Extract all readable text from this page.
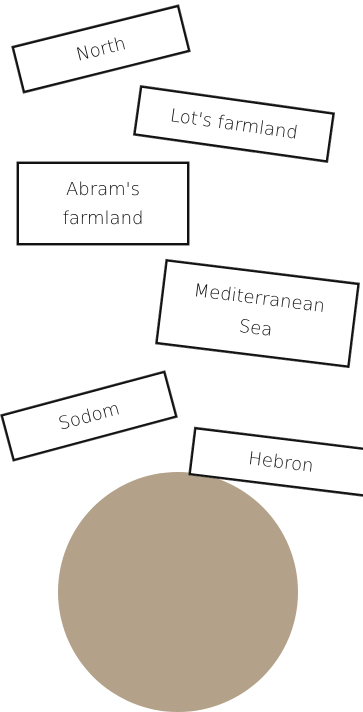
North
Lot's farmland
Abram's
farmland
Mediterranean
Sea
Sodom
Hebron
